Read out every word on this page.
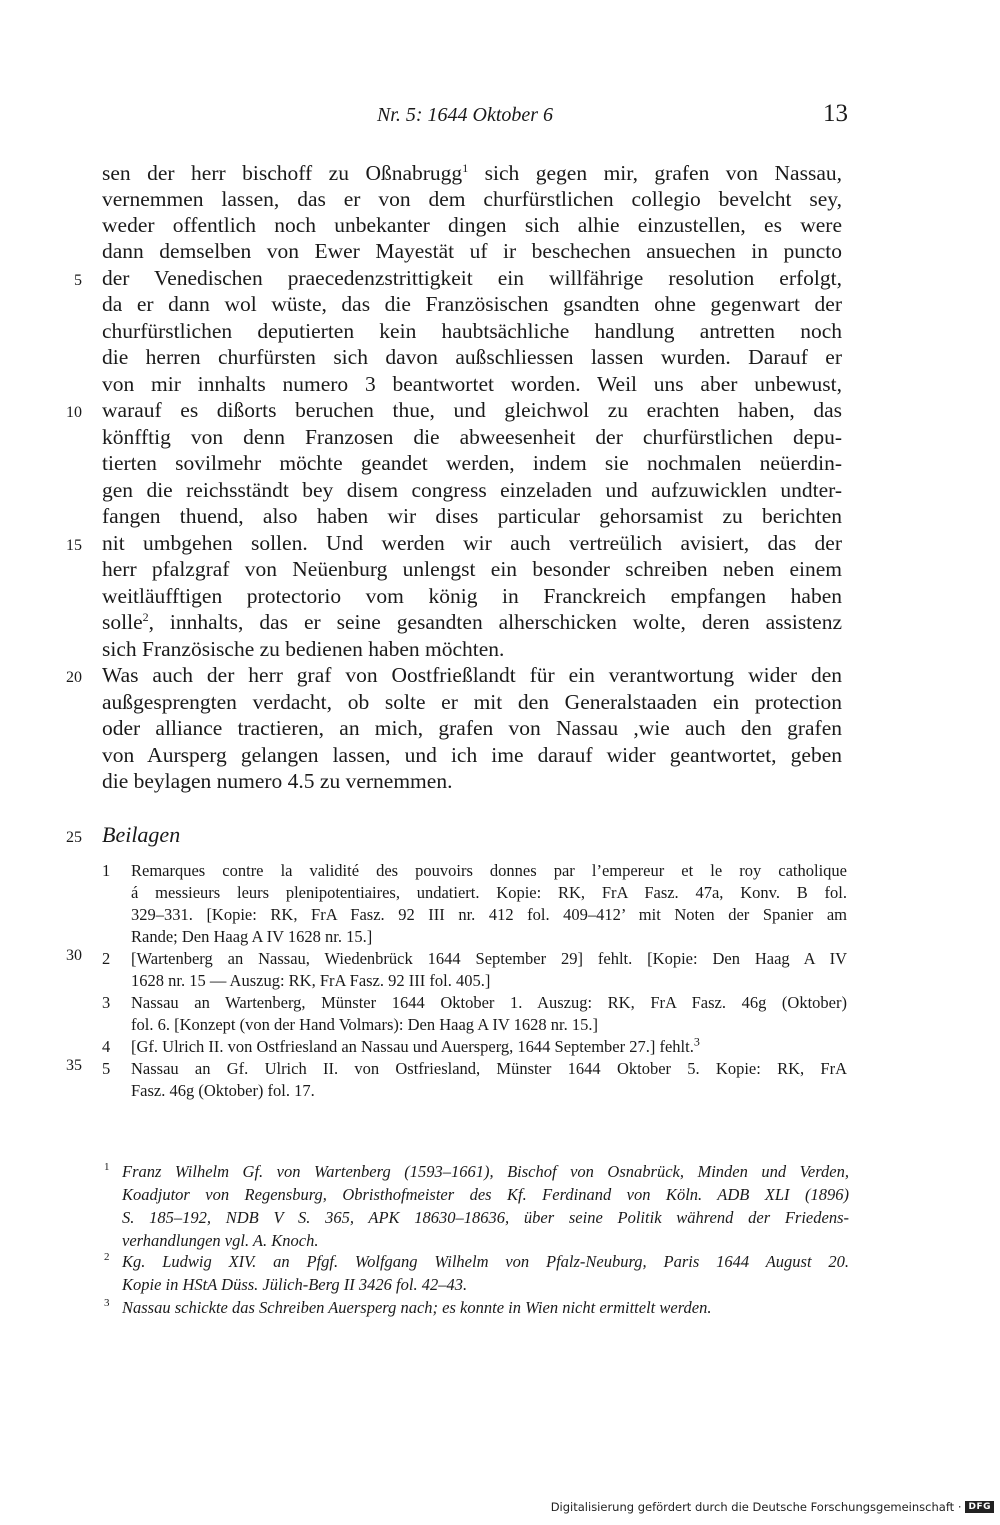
Nr. 5: 1644 Oktober 6	13
sen der herr bischoff zu Oßnabrugg$^1$ sich gegen mir, grafen von Nassau,
vernemmen lassen, das er von dem churfürstlichen collegio bevelcht sey,
weder offentlich noch unbekanter dingen sich alhie einzustellen, es were
dann demselben von Ewer Mayestät uf ir beschechen ansuechen in puncto
der Venedischen praecedenzstrittigkeit ein willfährige resolution erfolgt,
da er dann wol wüste, das die Französischen gsandten ohne gegenwart der
churfürstlichen deputierten kein haubtsächliche handlung antretten noch
die herren churfürsten sich davon außschliessen lassen wurden. Darauf er
von mir innhalts numero 3 beantwortet worden. Weil uns aber unbewust,
warauf es dißorts beruchen thue, und gleichwol zu erachten haben, das
könfftig von denn Franzosen die abweesenheit der churfürstlichen depu-
tierten sovilmehr möchte geandet werden, indem sie nochmalen neüerdin-
gen die reichsständt bey disem congress einzeladen und aufzuwicklen undter-
fangen thuend, also haben wir dises particular gehorsamist zu berichten
nit umbgehen sollen. Und werden wir auch vertreülich avisiert, das der
herr pfalzgraf von Neüenburg unlengst ein besonder schreiben neben einem
weitläufftigen protectorio vom könig in Franckreich empfangen haben
solle$^2$, innhalts, das er seine gesandten alherschicken wolte, deren assistenz
sich Französische zu bedienen haben möchten.
Was auch der herr graf von Oostfrießlandt für ein verantwortung wider den
außgesprengten verdacht, ob solte er mit den Generalstaaden ein protection
oder alliance tractieren, an mich, grafen von Nassau ,wie auch den grafen
von Aursperg gelangen lassen, und ich ime darauf wider geantwortet, geben
die beylagen numero 4.5 zu vernemmen.
5
10
15
20
25
30
35
Beilagen
1	Remarques contre la validité des pouvoirs donnes par l’empereur et le roy catholique
á messieurs leurs plenipotentiaires, undatiert. Kopie: RK, FrA Fasz. 47a, Konv. B fol.
329–331. [Kopie: RK, FrA Fasz. 92 III nr. 412 fol. 409–412’ mit Noten der Spanier am
Rande; Den Haag A IV 1628 nr. 15.]
2	[Wartenberg an Nassau, Wiedenbrück 1644 September 29] fehlt. [Kopie: Den Haag A IV
1628 nr. 15 — Auszug: RK, FrA Fasz. 92 III fol. 405.]
3	Nassau an Wartenberg, Münster 1644 Oktober 1. Auszug: RK, FrA Fasz. 46g (Oktober)
fol. 6. [Konzept (von der Hand Volmars): Den Haag A IV 1628 nr. 15.]
4	[Gf. Ulrich II. von Ostfriesland an Nassau und Auersperg, 1644 September 27.] fehlt.$^3$
5	Nassau an Gf. Ulrich II. von Ostfriesland, Münster 1644 Oktober 5. Kopie: RK, FrA
Fasz. 46g (Oktober) fol. 17.
1 Franz Wilhelm Gf. von Wartenberg (1593–1661), Bischof von Osnabrück, Minden und Verden,
Koadjutor von Regensburg, Obristhofmeister des Kf. Ferdinand von Köln. ADB XLI (1896)
S. 185–192, NDB V S. 365, APK 18630–18636, über seine Politik während der Friedens-
verhandlungen vgl. A. Knoch.
2 Kg. Ludwig XIV. an Pfgf. Wolfgang Wilhelm von Pfalz-Neuburg, Paris 1644 August 20.
Kopie in HStA Düss. Jülich-Berg II 3426 fol. 42–43.
3 Nassau schickte das Schreiben Auersperg nach; es konnte in Wien nicht ermittelt werden.
Digitalisierung gefördert durch die Deutsche Forschungsgemeinschaft · DFG
